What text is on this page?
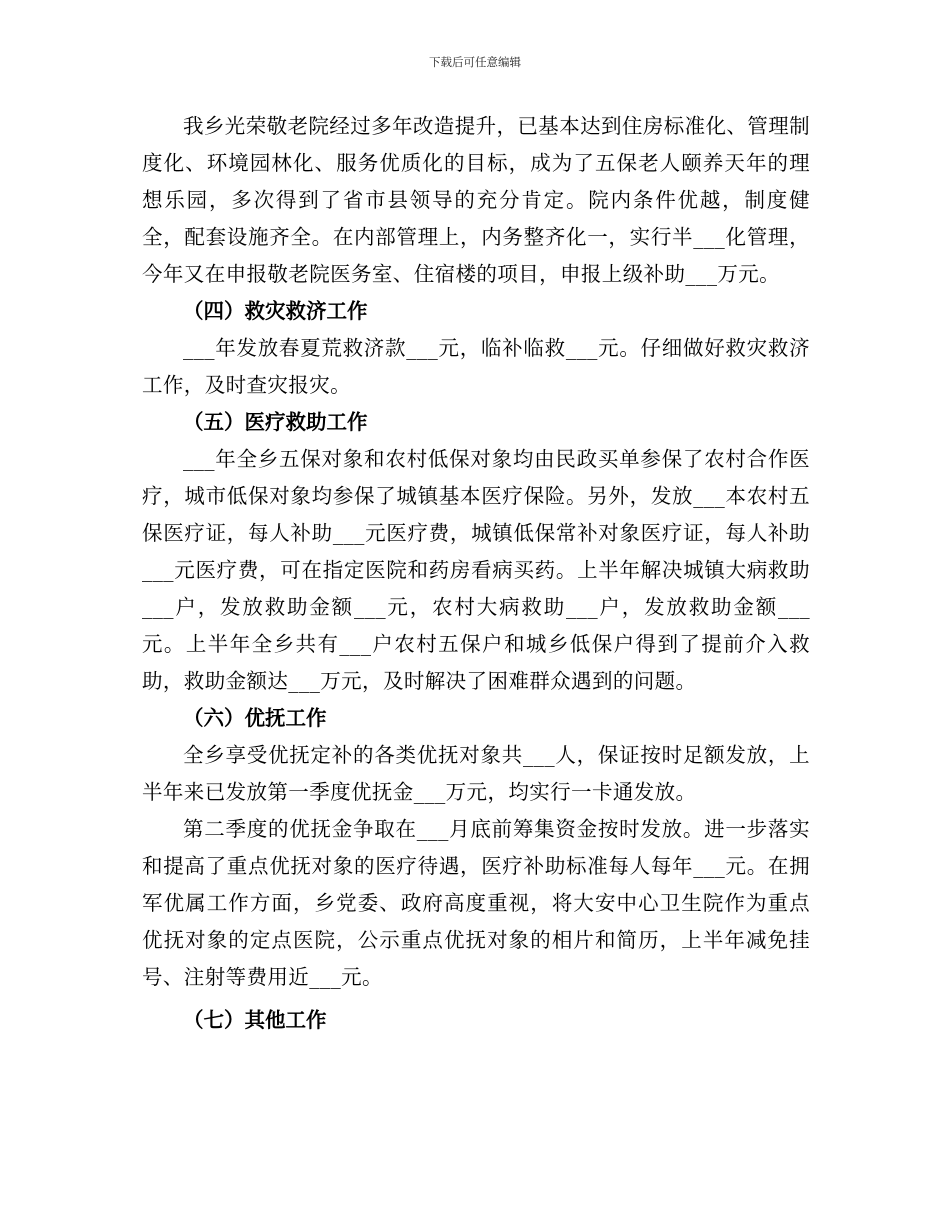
下载后可任意编辑

我乡光荣敬老院经过多年改造提升，已基本达到住房标准化、管理制度化、环境园林化、服务优质化的目标，成为了五保老人颐养天年的理想乐园，多次得到了省市县领导的充分肯定。院内条件优越，制度健全，配套设施齐全。在内部管理上，内务整齐化一，实行半___化管理，今年又在申报敬老院医务室、住宿楼的项目，申报上级补助___万元。

（四）救灾救济工作

___年发放春夏荒救济款___元，临补临救___元。仔细做好救灾救济工作，及时查灾报灾。

（五）医疗救助工作

___年全乡五保对象和农村低保对象均由民政买单参保了农村合作医疗，城市低保对象均参保了城镇基本医疗保险。另外，发放___本农村五保医疗证，每人补助___元医疗费，城镇低保常补对象医疗证，每人补助___元医疗费，可在指定医院和药房看病买药。上半年解决城镇大病救助___户，发放救助金额___元，农村大病救助___户，发放救助金额___元。上半年全乡共有___户农村五保户和城乡低保户得到了提前介入救助，救助金额达___万元，及时解决了困难群众遇到的问题。

（六）优抚工作

全乡享受优抚定补的各类优抚对象共___人，保证按时足额发放，上半年来已发放第一季度优抚金___万元，均实行一卡通发放。

第二季度的优抚金争取在___月底前筹集资金按时发放。进一步落实和提高了重点优抚对象的医疗待遇，医疗补助标准每人每年___元。在拥军优属工作方面，乡党委、政府高度重视，将大安中心卫生院作为重点优抚对象的定点医院，公示重点优抚对象的相片和简历，上半年减免挂号、注射等费用近___元。

（七）其他工作
